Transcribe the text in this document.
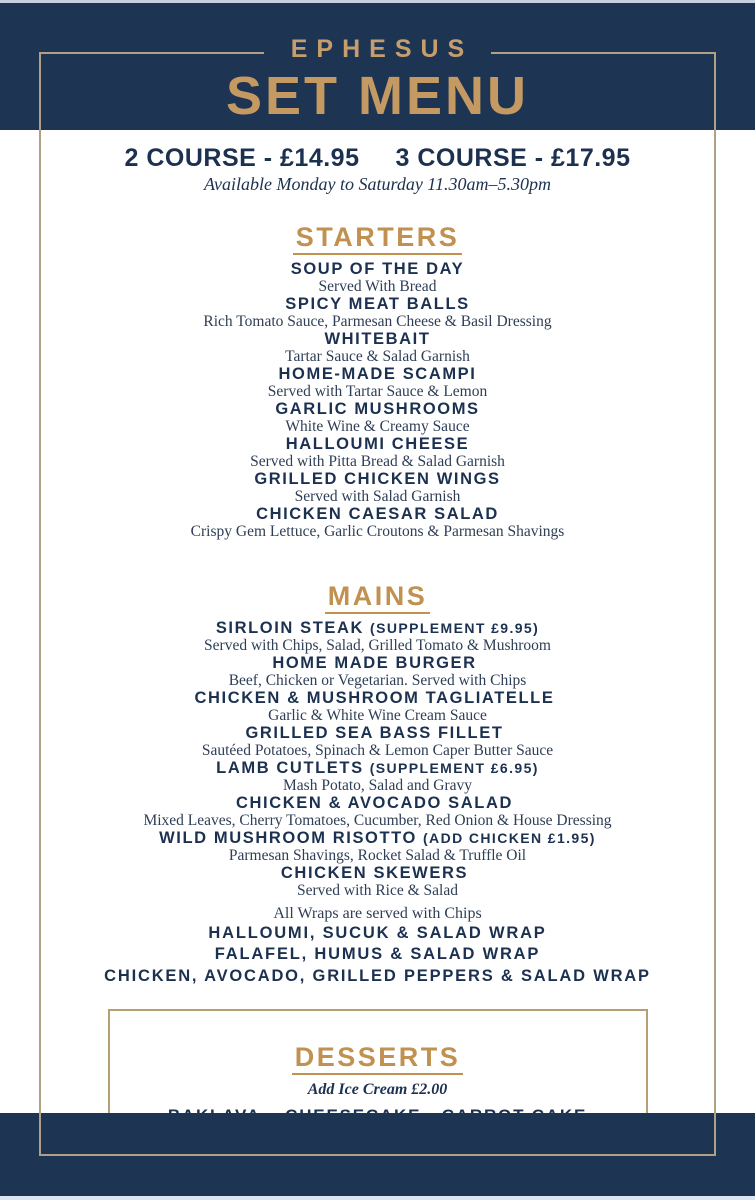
EPHESUS
SET MENU
2 COURSE - £14.95 3 COURSE - £17.95
Available Monday to Saturday 11.30am–5.30pm
STARTERS
SOUP OF THE DAY
Served With Bread
SPICY MEAT BALLS
Rich Tomato Sauce, Parmesan Cheese & Basil Dressing
WHITEBAIT
Tartar Sauce & Salad Garnish
HOME-MADE SCAMPI
Served with Tartar Sauce & Lemon
GARLIC MUSHROOMS
White Wine & Creamy Sauce
HALLOUMI CHEESE
Served with Pitta Bread & Salad Garnish
GRILLED CHICKEN WINGS
Served with Salad Garnish
CHICKEN CAESAR SALAD
Crispy Gem Lettuce, Garlic Croutons & Parmesan Shavings
MAINS
SIRLOIN STEAK (SUPPLEMENT £9.95)
Served with Chips, Salad, Grilled Tomato & Mushroom
HOME MADE BURGER
Beef, Chicken or Vegetarian. Served with Chips
CHICKEN & MUSHROOM TAGLIATELLE
Garlic & White Wine Cream Sauce
GRILLED SEA BASS FILLET
Sautéed Potatoes, Spinach & Lemon Caper Butter Sauce
LAMB CUTLETS (SUPPLEMENT £6.95)
Mash Potato, Salad and Gravy
CHICKEN & AVOCADO SALAD
Mixed Leaves, Cherry Tomatoes, Cucumber, Red Onion & House Dressing
WILD MUSHROOM RISOTTO (ADD CHICKEN £1.95)
Parmesan Shavings, Rocket Salad & Truffle Oil
CHICKEN SKEWERS
Served with Rice & Salad
All Wraps are served with Chips
HALLOUMI, SUCUK & SALAD WRAP
FALAFEL, HUMUS & SALAD WRAP
CHICKEN, AVOCADO, GRILLED PEPPERS & SALAD WRAP
DESSERTS
Add Ice Cream £2.00
